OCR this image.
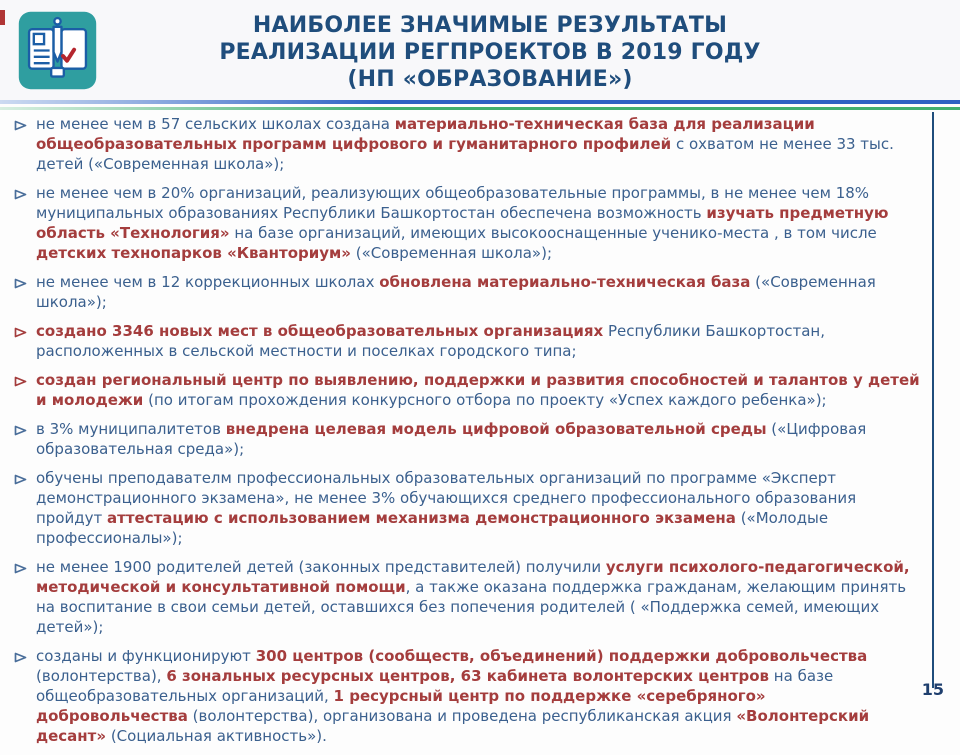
НАИБОЛЕЕ ЗНАЧИМЫЕ РЕЗУЛЬТАТЫ
РЕАЛИЗАЦИИ РЕГПРОЕКТОВ В 2019 ГОДУ
(НП «ОБРАЗОВАНИЕ»)
не менее чем в 57 сельских школах создана материально-техническая база для реализации общеобразовательных программ цифрового и гуманитарного профилей с охватом не менее 33 тыс. детей («Современная школа»);
не менее чем в 20% организаций, реализующих общеобразовательные программы, в не менее чем 18% муниципальных образованиях Республики Башкортостан обеспечена возможность изучать предметную область «Технология» на базе организаций, имеющих высокооснащенные ученико-места , в том числе детских технопарков «Кванториум» («Современная школа»);
не менее чем в 12 коррекционных школах обновлена материально-техническая база («Современная школа»);
создано 3346 новых мест в общеобразовательных организациях Республики Башкортостан, расположенных в сельской местности и поселках городского типа;
создан региональный центр по выявлению, поддержки и развития способностей и талантов у детей и молодежи (по итогам прохождения конкурсного отбора по проекту «Успех каждого ребенка»);
в 3% муниципалитетов внедрена целевая модель цифровой образовательной среды («Цифровая образовательная среда»);
обучены преподавателм профессиональных образовательных организаций по программе «Эксперт демонстрационного экзамена», не менее 3% обучающихся среднего профессионального образования пройдут аттестацию с использованием механизма демонстрационного экзамена («Молодые профессионалы»);
не менее 1900 родителей детей (законных представителей) получили услуги психолого-педагогической, методической и консультативной помощи, а также оказана поддержка гражданам, желающим принять на воспитание в свои семьи детей, оставшихся без попечения родителей ( «Поддержка семей, имеющих детей»);
созданы и функционируют 300 центров (сообществ, объединений) поддержки добровольчества (волонтерства), 6 зональных ресурсных центров, 63 кабинета волонтерских центров на базе общеобразовательных организаций, 1 ресурсный центр по поддержке «серебряного» добровольчества (волонтерства), организована и проведена республиканская акция «Волонтерский десант» (Социальная активность»).
15
